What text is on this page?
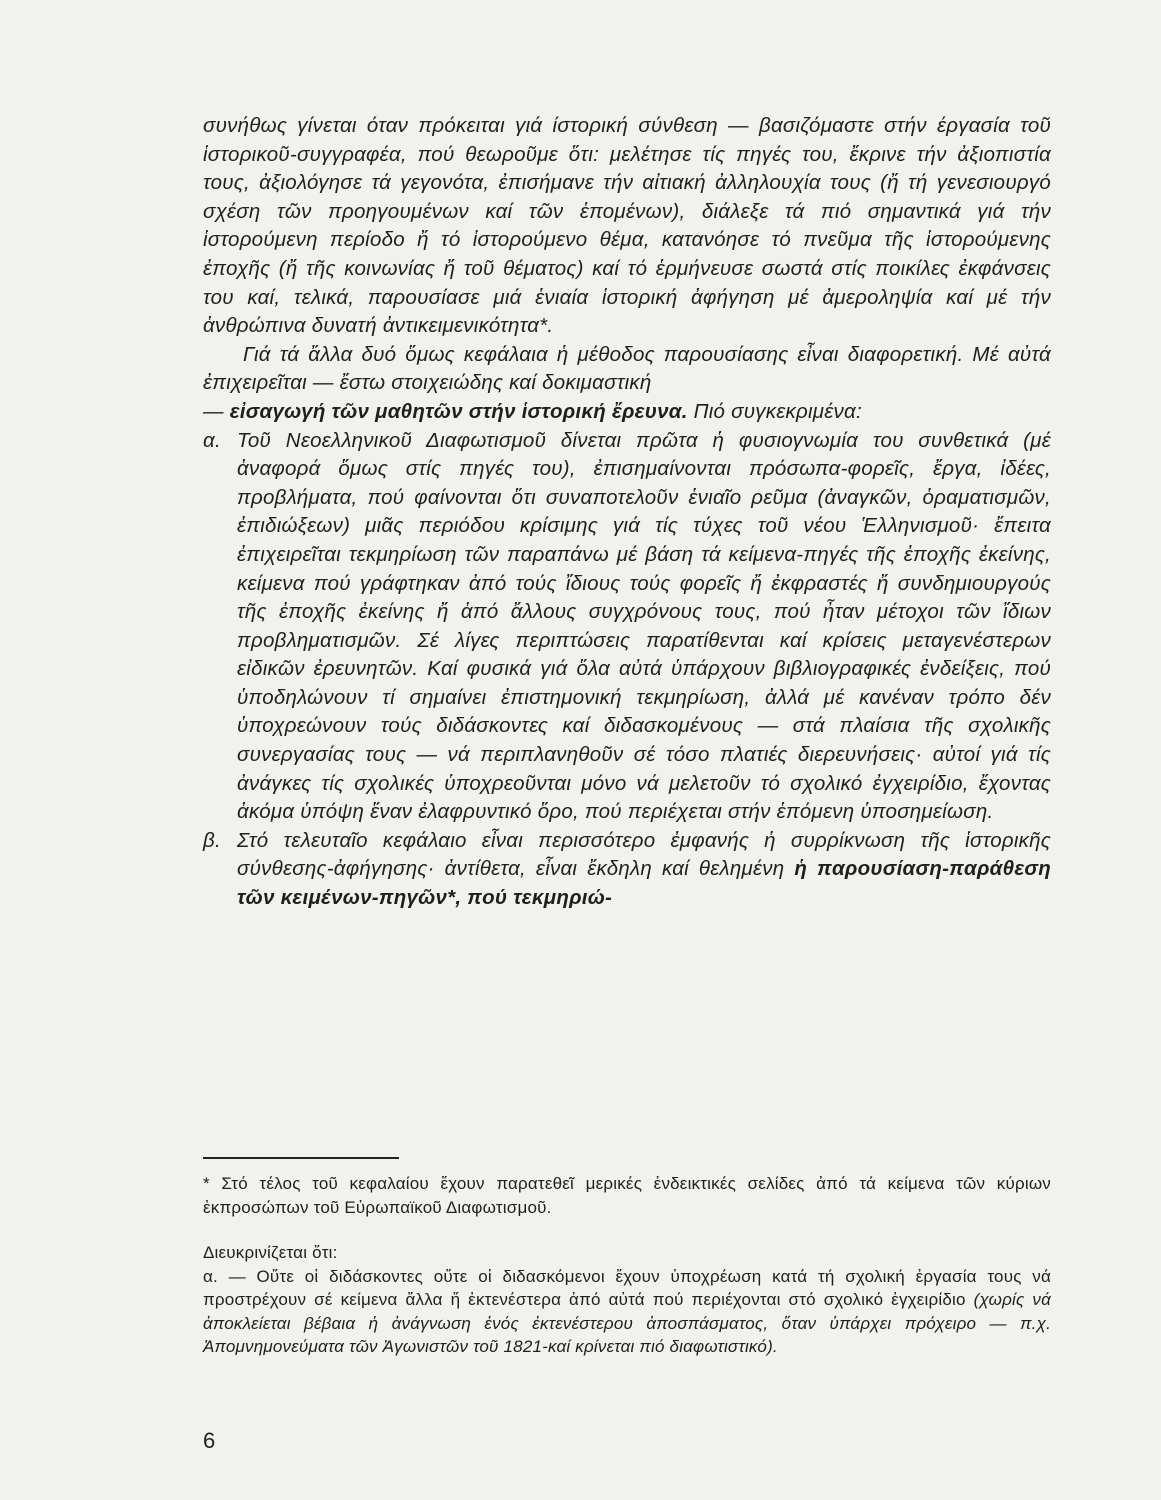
συνήθως γίνεται όταν πρόκειται γιά ίστορική σύνθεση — βασιζόμαστε στήν έργασία τοῦ ἱστορικοῦ-συγγραφέα, πού θεωροῦμε ὅτι: μελέτησε τίς πηγές του, ἔκρινε τήν ἀξιοπιστία τους, ἀξιολόγησε τά γεγονότα, ἐπισήμανε τήν αἰτιακή ἀλληλουχία τους (ἤ τή γενεσιουργό σχέση τῶν προηγουμένων καί τῶν ἑπομένων), διάλεξε τά πιό σημαντικά γιά τήν ἱστορούμενη περίοδο ἤ τό ἱστορούμενο θέμα, κατανόησε τό πνεῦμα τῆς ἱστορούμενης ἐποχῆς (ἤ τῆς κοινωνίας ἤ τοῦ θέματος) καί τό ἑρμήνευσε σωστά στίς ποικίλες ἐκφάνσεις του καί, τελικά, παρουσίασε μιά ἑνιαία ἱστορική ἀφήγηση μέ ἀμεροληψία καί μέ τήν ἀνθρώπινα δυνατή ἀντικειμενικότητα*.

Γιά τά ἄλλα δυό ὅμως κεφάλαια ἡ μέθοδος παρουσίασης εἶναι διαφορετική. Μέ αὐτά ἐπιχειρεῖται — ἔστω στοιχειώδης καί δοκιμαστική

— εἰσαγωγή τῶν μαθητῶν στήν ἱστορική ἔρευνα. Πιό συγκεκριμένα:

α. Τοῦ Νεοελληνικοῦ Διαφωτισμοῦ δίνεται πρῶτα ἡ φυσιογνωμία του συνθετικά (μέ ἀναφορά ὅμως στίς πηγές του), ἐπισημαίνονται πρόσωπα-φορεῖς, ἔργα, ἰδέες, προβλήματα, πού φαίνονται ὅτι συναποτελοῦν ἑνιαῖο ρεῦμα (ἀναγκῶν, ὁραματισμῶν, ἐπιδιώξεων) μιᾶς περιόδου κρίσιμης γιά τίς τύχες τοῦ νέου Ἑλληνισμοῦ· ἔπειτα ἐπιχειρεῖται τεκμηρίωση τῶν παραπάνω μέ βάση τά κείμενα-πηγές τῆς ἐποχῆς ἐκείνης, κείμενα πού γράφτηκαν ἀπό τούς ἴδιους τούς φορεῖς ἤ ἐκφραστές ἤ συνδημιουργούς τῆς ἐποχῆς ἐκείνης ἤ ἀπό ἄλλους συγχρόνους τους, πού ἦταν μέτοχοι τῶν ἴδιων προβληματισμῶν. Σέ λίγες περιπτώσεις παρατίθενται καί κρίσεις μεταγενέστερων εἰδικῶν ἐρευνητῶν. Καί φυσικά γιά ὅλα αὐτά ὑπάρχουν βιβλιογραφικές ἐνδείξεις, πού ὑποδηλώνουν τί σημαίνει ἐπιστημονική τεκμηρίωση, ἀλλά μέ κανέναν τρόπο δέν ὑποχρεώνουν τούς διδάσκοντες καί διδασκομένους — στά πλαίσια τῆς σχολικῆς συνεργασίας τους — νά περιπλανηθοῦν σέ τόσο πλατιές διερευνήσεις· αὐτοί γιά τίς ἀνάγκες τίς σχολικές ὑποχρεοῦνται μόνο νά μελετοῦν τό σχολικό ἐγχειρίδιο, ἔχοντας ἀκόμα ὑπόψη ἕναν ἐλαφρυντικό ὅρο, πού περιέχεται στήν ἑπόμενη ὑποσημείωση.

β. Στό τελευταῖο κεφάλαιο εἶναι περισσότερο ἐμφανής ἡ συρρίκνωση τῆς ἱστορικῆς σύνθεσης-ἀφήγησης· ἀντίθετα, εἶναι ἔκδηλη καί θελημένη ἡ παρουσίαση-παράθεση τῶν κειμένων-πηγῶν*, πού τεκμηριώ-

* Στό τέλος τοῦ κεφαλαίου ἔχουν παρατεθεῖ μερικές ἐνδεικτικές σελίδες ἀπό τά κείμενα τῶν κύριων ἐκπροσώπων τοῦ Εὐρωπαϊκοῦ Διαφωτισμοῦ.

Διευκρινίζεται ὅτι:

α. — Οὔτε οἱ διδάσκοντες οὔτε οἱ διδασκόμενοι ἔχουν ὑποχρέωση κατά τή σχολική ἐργασία τους νά προστρέχουν σέ κείμενα ἄλλα ἤ ἐκτενέστερα ἀπό αὐτά πού περιέχονται στό σχολικό ἐγχειρίδιο (χωρίς νά ἀποκλείεται βέβαια ἡ ἀνάγνωση ἑνός ἐκτενέστερου ἀποσπάσματος, ὅταν ὑπάρχει πρόχειρο — π.χ. Ἀπομνημονεύματα τῶν Ἀγωνιστῶν τοῦ 1821-καί κρίνεται πιό διαφωτιστικό).

6
